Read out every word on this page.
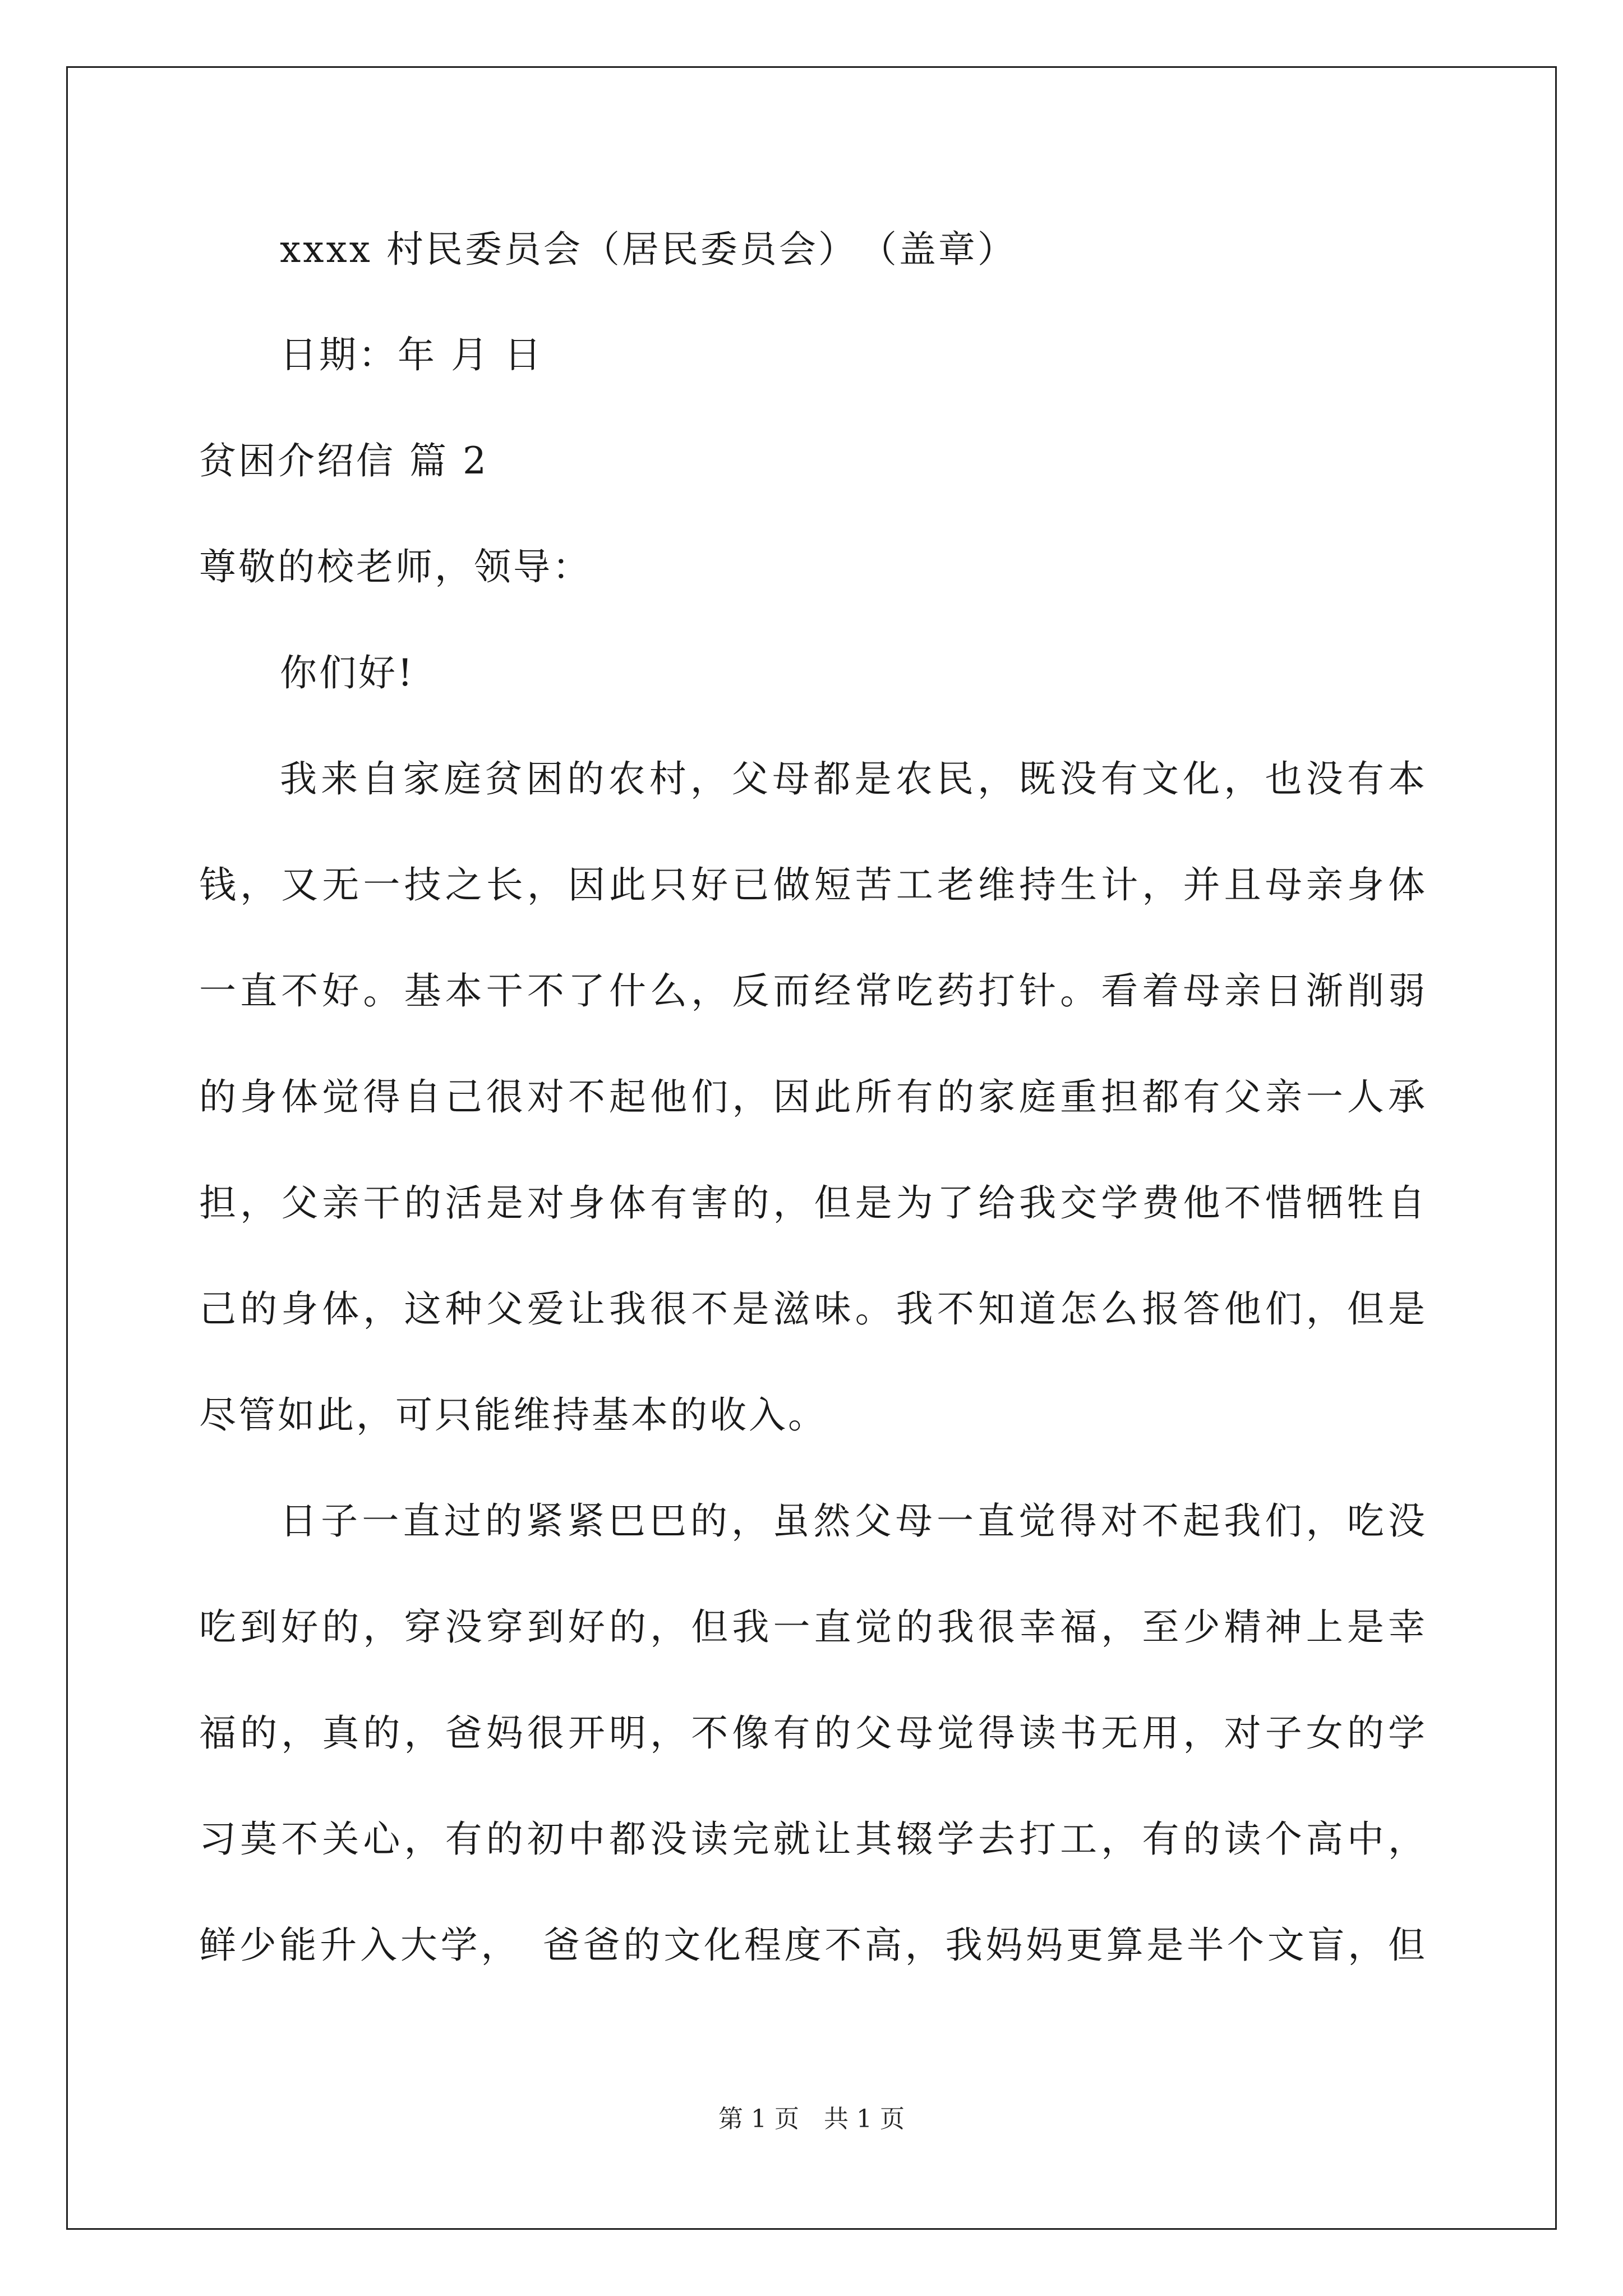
xxxx 村民委员会（居民委员会）　（盖章）
日期：年 月 日
贫困介绍信 篇 2
尊敬的校老师，领导：
你们好!
我来自家庭贫困的农村，父母都是农民，既没有文化，也没有本
钱，又无一技之长，因此只好已做短苦工老维持生计，并且母亲身体
一直不好。基本干不了什么，反而经常吃药打针。看着母亲日渐削弱
的身体觉得自己很对不起他们，因此所有的家庭重担都有父亲一人承
担，父亲干的活是对身体有害的，但是为了给我交学费他不惜牺牲自
己的身体，这种父爱让我很不是滋味。我不知道怎么报答他们，但是
尽管如此，可只能维持基本的收入。
日子一直过的紧紧巴巴的，虽然父母一直觉得对不起我们，吃没
吃到好的，穿没穿到好的，但我一直觉的我很幸福，至少精神上是幸
福的，真的，爸妈很开明，不像有的父母觉得读书无用，对子女的学
习莫不关心，有的初中都没读完就让其辍学去打工，有的读个高中，
鲜少能升入大学，　爸爸的文化程度不高，我妈妈更算是半个文盲，但
第 1 页　共 1 页
